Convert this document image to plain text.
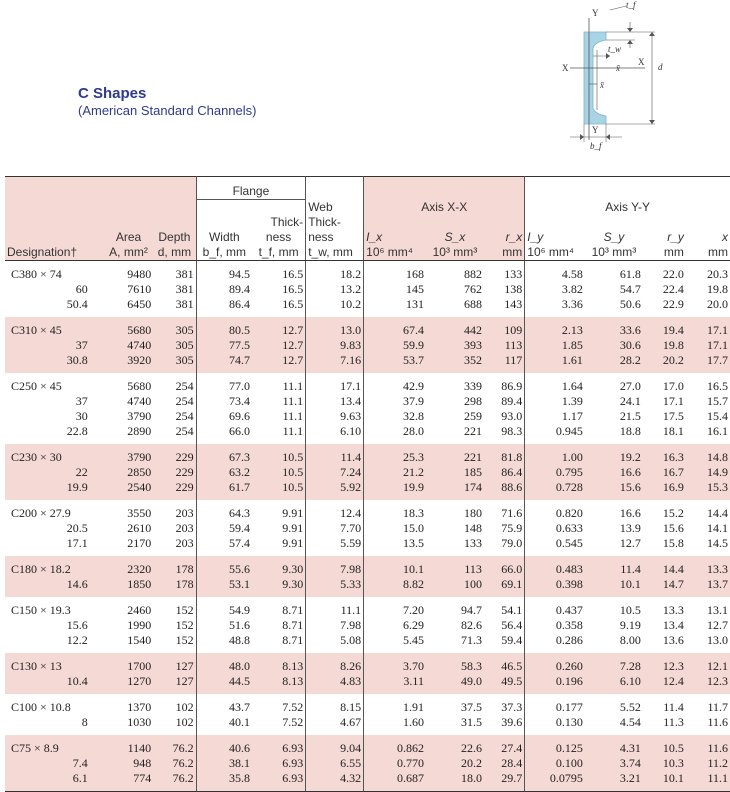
C Shapes
(American Standard Channels)
Y
t_f
t_w
X
X
x̄	d
x̄
Y
b_f
			Flange									
					Web	Axis X-X			Axis Y-Y			
				Thick-	Thick-							
	Area	Depth	Width	ness	ness	I_x	S_x	r_x	I_y	S_y	r_y	x
Designation†	A, mm²	d, mm	b_f, mm	t_f, mm	t_w, mm	10⁶ mm⁴	10³ mm³	mm	10⁶ mm⁴	10³ mm³	mm	mm
C380 × 74	9480	381	94.5	16.5	18.2	168	882	133	4.58	61.8	22.0	20.3
60	7610	381	89.4	16.5	13.2	145	762	138	3.82	54.7	22.4	19.8
50.4	6450	381	86.4	16.5	10.2	131	688	143	3.36	50.6	22.9	20.0
C310 × 45	5680	305	80.5	12.7	13.0	67.4	442	109	2.13	33.6	19.4	17.1
37	4740	305	77.5	12.7	9.83	59.9	393	113	1.85	30.6	19.8	17.1
30.8	3920	305	74.7	12.7	7.16	53.7	352	117	1.61	28.2	20.2	17.7
C250 × 45	5680	254	77.0	11.1	17.1	42.9	339	86.9	1.64	27.0	17.0	16.5
37	4740	254	73.4	11.1	13.4	37.9	298	89.4	1.39	24.1	17.1	15.7
30	3790	254	69.6	11.1	9.63	32.8	259	93.0	1.17	21.5	17.5	15.4
22.8	2890	254	66.0	11.1	6.10	28.0	221	98.3	0.945	18.8	18.1	16.1
C230 × 30	3790	229	67.3	10.5	11.4	25.3	221	81.8	1.00	19.2	16.3	14.8
22	2850	229	63.2	10.5	7.24	21.2	185	86.4	0.795	16.6	16.7	14.9
19.9	2540	229	61.7	10.5	5.92	19.9	174	88.6	0.728	15.6	16.9	15.3
C200 × 27.9	3550	203	64.3	9.91	12.4	18.3	180	71.6	0.820	16.6	15.2	14.4
20.5	2610	203	59.4	9.91	7.70	15.0	148	75.9	0.633	13.9	15.6	14.1
17.1	2170	203	57.4	9.91	5.59	13.5	133	79.0	0.545	12.7	15.8	14.5
C180 × 18.2	2320	178	55.6	9.30	7.98	10.1	113	66.0	0.483	11.4	14.4	13.3
14.6	1850	178	53.1	9.30	5.33	8.82	100	69.1	0.398	10.1	14.7	13.7
C150 × 19.3	2460	152	54.9	8.71	11.1	7.20	94.7	54.1	0.437	10.5	13.3	13.1
15.6	1990	152	51.6	8.71	7.98	6.29	82.6	56.4	0.358	9.19	13.4	12.7
12.2	1540	152	48.8	8.71	5.08	5.45	71.3	59.4	0.286	8.00	13.6	13.0
C130 × 13	1700	127	48.0	8.13	8.26	3.70	58.3	46.5	0.260	7.28	12.3	12.1
10.4	1270	127	44.5	8.13	4.83	3.11	49.0	49.5	0.196	6.10	12.4	12.3
C100 × 10.8	1370	102	43.7	7.52	8.15	1.91	37.5	37.3	0.177	5.52	11.4	11.7
8	1030	102	40.1	7.52	4.67	1.60	31.5	39.6	0.130	4.54	11.3	11.6
C75 × 8.9	1140	76.2	40.6	6.93	9.04	0.862	22.6	27.4	0.125	4.31	10.5	11.6
7.4	948	76.2	38.1	6.93	6.55	0.770	20.2	28.4	0.100	3.74	10.3	11.2
6.1	774	76.2	35.8	6.93	4.32	0.687	18.0	29.7	0.0795	3.21	10.1	11.1
